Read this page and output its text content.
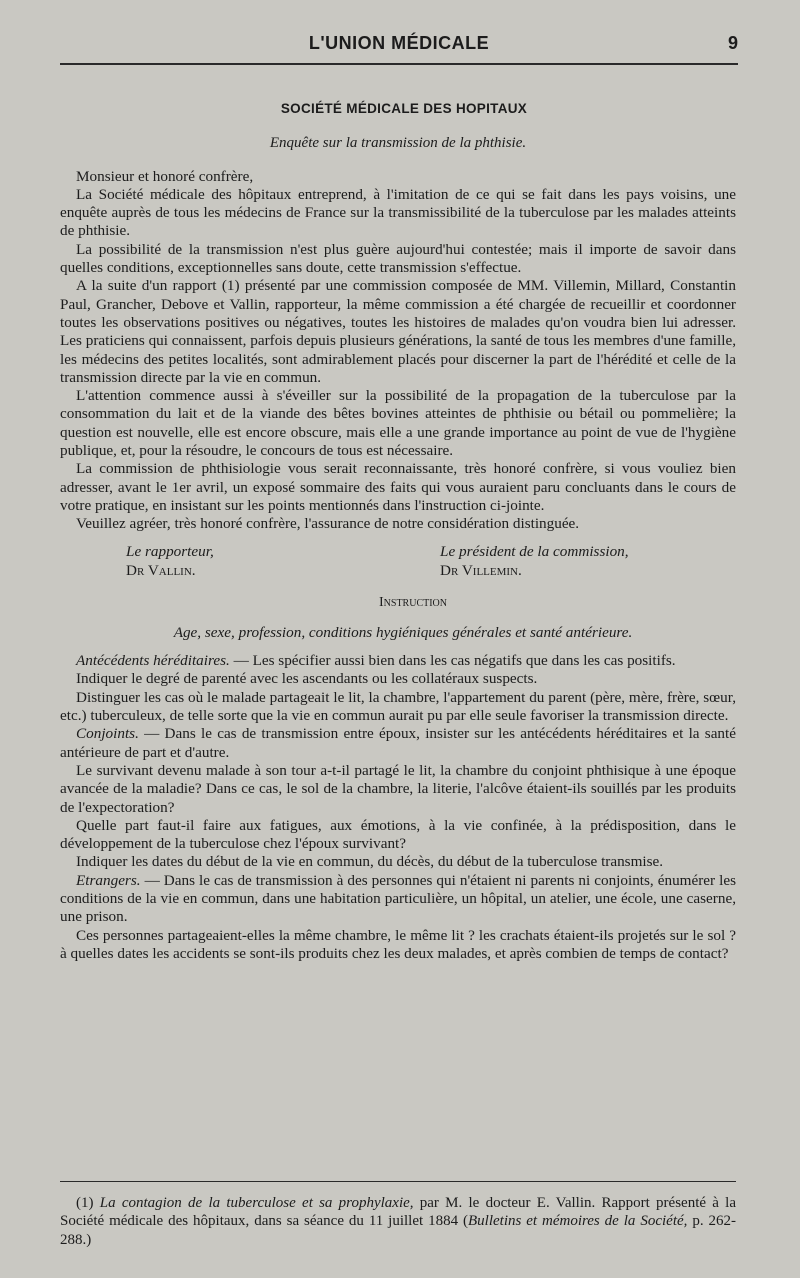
L'UNION MÉDICALE	9
SOCIÉTÉ MÉDICALE DES HOPITAUX
Enquête sur la transmission de la phthisie.

Monsieur et honoré confrère,

La Société médicale des hôpitaux entreprend, à l'imitation de ce qui se fait dans les pays voisins, une enquête auprès de tous les médecins de France sur la transmissibilité de la tuberculose par les malades atteints de phthisie.

La possibilité de la transmission n'est plus guère aujourd'hui contestée; mais il importe de savoir dans quelles conditions, exceptionnelles sans doute, cette transmission s'effectue.

A la suite d'un rapport (1) présenté par une commission composée de MM. Villemin, Millard, Constantin Paul, Grancher, Debove et Vallin, rapporteur, la même commission a été chargée de recueillir et coordonner toutes les observations positives ou négatives, toutes les histoires de malades qu'on voudra bien lui adresser. Les praticiens qui connaissent, parfois depuis plusieurs générations, la santé de tous les membres d'une famille, les médecins des petites localités, sont admirablement placés pour discerner la part de l'hérédité et celle de la transmission directe par la vie en commun.

L'attention commence aussi à s'éveiller sur la possibilité de la propagation de la tuberculose par la consommation du lait et de la viande des bêtes bovines atteintes de phthisie ou bétail ou pommelière; la question est nouvelle, elle est encore obscure, mais elle a une grande importance au point de vue de l'hygiène publique, et, pour la résoudre, le concours de tous est nécessaire.

La commission de phthisiologie vous serait reconnaissante, très honoré confrère, si vous vouliez bien adresser, avant le 1er avril, un exposé sommaire des faits qui vous auraient paru concluants dans le cours de votre pratique, en insistant sur les points mentionnés dans l'instruction ci-jointe.

Veuillez agréer, très honoré confrère, l'assurance de notre considération distinguée.

Le rapporteur,
Dr Vallin.
Le président de la commission,
Dr Villemin.
Instruction
Age, sexe, profession, conditions hygiéniques générales et santé antérieure.

Antécédents héréditaires. — Les spécifier aussi bien dans les cas négatifs que dans les cas positifs.

Indiquer le degré de parenté avec les ascendants ou les collatéraux suspects.

Distinguer les cas où le malade partageait le lit, la chambre, l'appartement du parent (père, mère, frère, sœur, etc.) tuberculeux, de telle sorte que la vie en commun aurait pu par elle seule favoriser la transmission directe.

Conjoints. — Dans le cas de transmission entre époux, insister sur les antécédents héréditaires et la santé antérieure de part et d'autre.

Le survivant devenu malade à son tour a-t-il partagé le lit, la chambre du conjoint phthisique à une époque avancée de la maladie? Dans ce cas, le sol de la chambre, la literie, l'alcôve étaient-ils souillés par les produits de l'expectoration?

Quelle part faut-il faire aux fatigues, aux émotions, à la vie confinée, à la prédisposition, dans le développement de la tuberculose chez l'époux survivant?

Indiquer les dates du début de la vie en commun, du décès, du début de la tuberculose transmise.

Etrangers. — Dans le cas de transmission à des personnes qui n'étaient ni parents ni conjoints, énumérer les conditions de la vie en commun, dans une habitation particulière, un hôpital, un atelier, une école, une caserne, une prison.

Ces personnes partageaient-elles la même chambre, le même lit ? les crachats étaient-ils projetés sur le sol ? à quelles dates les accidents se sont-ils produits chez les deux malades, et après combien de temps de contact?

(1) La contagion de la tuberculose et sa prophylaxie, par M. le docteur E. Vallin. Rapport présenté à la Société médicale des hôpitaux, dans sa séance du 11 juillet 1884 (Bulletins et mémoires de la Société, p. 262-288.)
